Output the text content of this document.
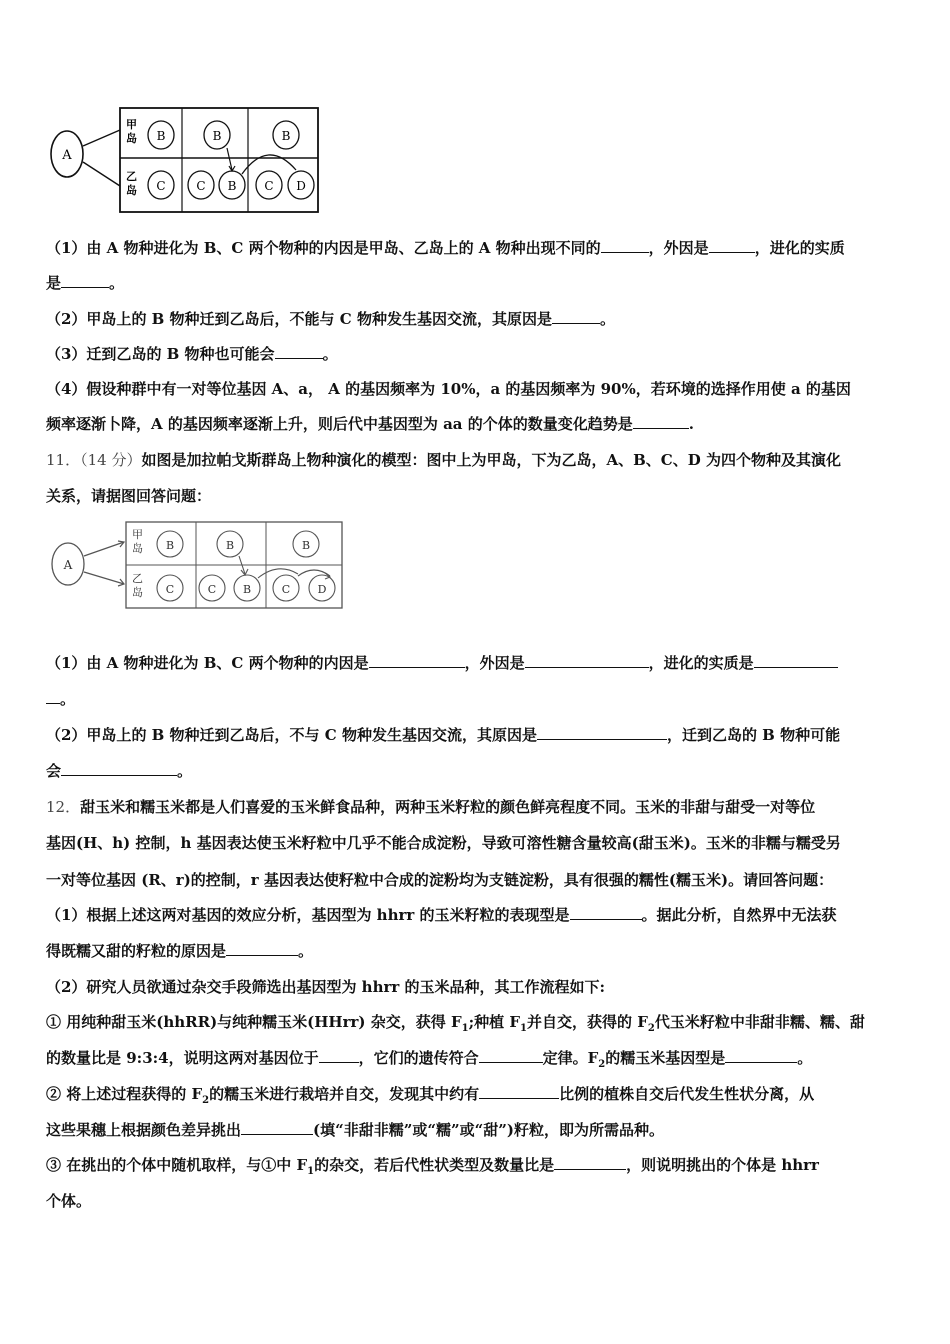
A
甲
岛
乙
岛
B	B	B
C	C B C D
（1）由 A 物种进化为 B、C 两个物种的内因是甲岛、乙岛上的 A 物种出现不同的	，外因是	，进化的实质
是	。
（2）甲岛上的 B 物种迁到乙岛后，不能与 C 物种发生基因交流，其原因是	。
（3）迁到乙岛的 B 物种也可能会	。
（4）假设种群中有一对等位基因 A、a， A 的基因频率为 10%，a 的基因频率为 90%，若环境的选择作用使 a 的基因
频率逐渐卜降，A 的基因频率逐渐上升，则后代中基因型为 aa 的个体的数量变化趋势是	.
11．（14 分）如图是加拉帕戈斯群岛上物种演化的模型：图中上为甲岛，下为乙岛，A、B、C、D 为四个物种及其演化
关系，请据图回答问题：
A
甲
岛
乙
岛
B	B	B
C	C B	C D
（1）由 A 物种进化为 B、C 两个物种的内因是	，外因是	，进化的实质是
。
（2）甲岛上的 B 物种迁到乙岛后，不与 C 物种发生基因交流，其原因是	，迁到乙岛的 B 物种可能
会	。
12．甜玉米和糯玉米都是人们喜爱的玉米鲜食品种，两种玉米籽粒的颜色鲜亮程度不同。玉米的非甜与甜受一对等位
基因(H、h) 控制，h 基因表达使玉米籽粒中几乎不能合成淀粉，导致可溶性糖含量较高(甜玉米)。玉米的非糯与糯受另
一对等位基因 (R、r)的控制，r 基因表达使籽粒中合成的淀粉均为支链淀粉，具有很强的糯性(糯玉米)。请回答问题：
（1）根据上述这两对基因的效应分析，基因型为 hhrr 的玉米籽粒的表现型是	。据此分析，自然界中无法获
得既糯又甜的籽粒的原因是	。
（2）研究人员欲通过杂交手段筛选出基因型为 hhrr 的玉米品种，其工作流程如下:
① 用纯种甜玉米(hhRR)与纯种糯玉米(HHrr) 杂交，获得 $F_1$;种植 $F_1$并自交，获得的 $F_2$代玉米籽粒中非甜非糯、糯、甜
的数量比是 9:3:4，说明这两对基因位于	，它们的遗传符合	定律。$F_2$的糯玉米基因型是	。
② 将上述过程获得的 $F_2$的糯玉米进行栽培并自交，发现其中约有	比例的植株自交后代发生性状分离，从
这些果穗上根据颜色差异挑出	(填“非甜非糯”或“糯”或“甜”)籽粒，即为所需品种。
③ 在挑出的个体中随机取样，与①中 $F_1$的杂交，若后代性状类型及数量比是	，则说明挑出的个体是 hhrr
个体。
